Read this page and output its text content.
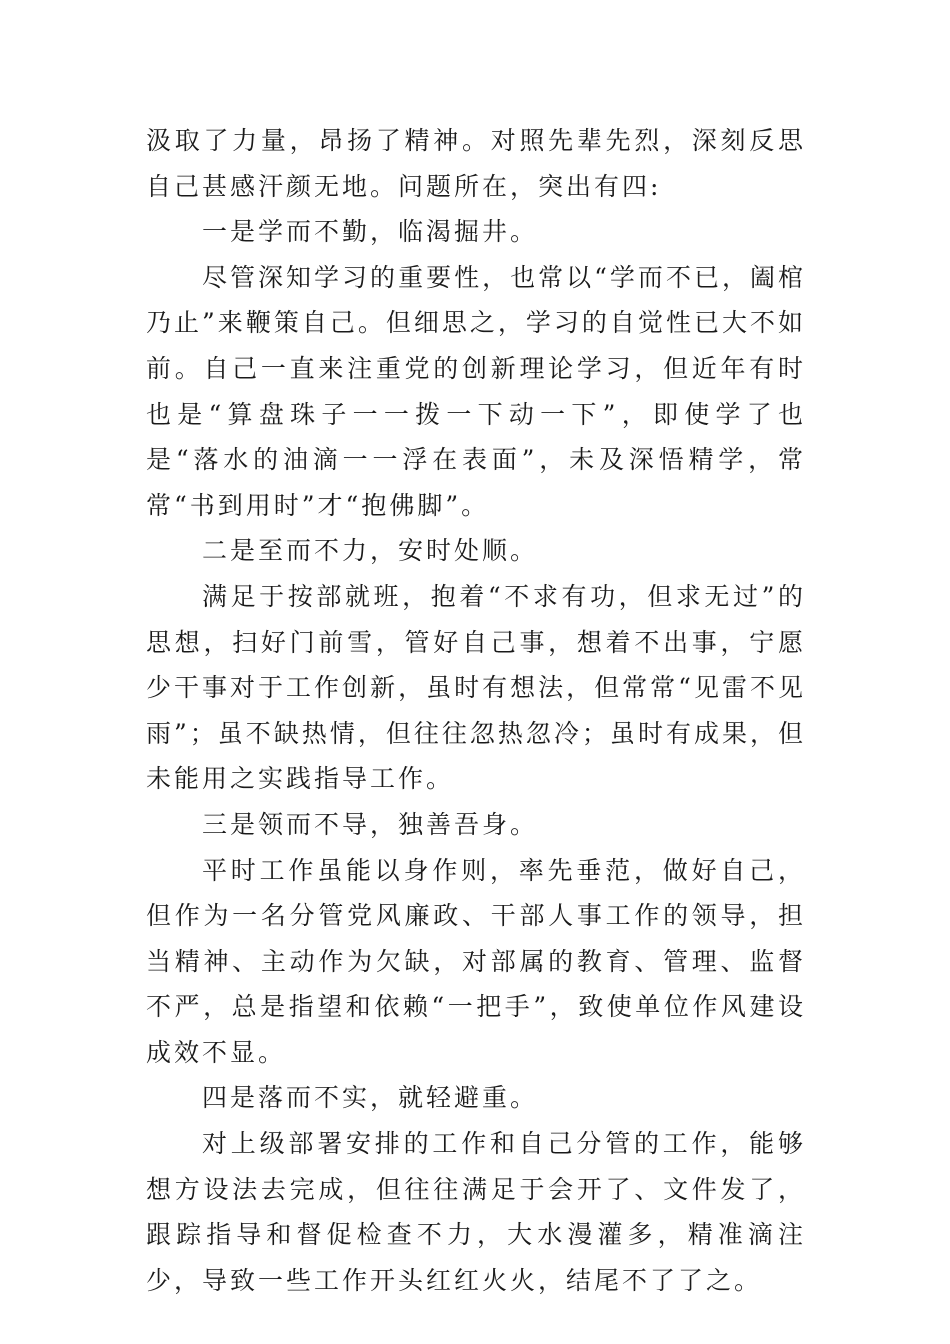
汲取了力量，昂扬了精神。对照先辈先烈，深刻反思自己甚感汗颜无地。问题所在，突出有四:

一是学而不勤，临渴掘井。

尽管深知学习的重要性，也常以“学而不已，阖棺乃止”来鞭策自己。但细思之，学习的自觉性已大不如前。自己一直来注重党的创新理论学习，但近年有时也是“算盘珠子一一拨一下动一下”，即使学了也是“落水的油滴一一浮在表面”，未及深悟精学，常常“书到用时”才“抱佛脚”。

二是至而不力，安时处顺。

满足于按部就班，抱着“不求有功，但求无过”的思想，扫好门前雪，管好自己事，想着不出事，宁愿少干事对于工作创新，虽时有想法，但常常“见雷不见雨”；虽不缺热情，但往往忽热忽冷；虽时有成果，但未能用之实践指导工作。

三是领而不导，独善吾身。

平时工作虽能以身作则，率先垂范，做好自己，但作为一名分管党风廉政、干部人事工作的领导，担当精神、主动作为欠缺，对部属的教育、管理、监督不严，总是指望和依赖“一把手”，致使单位作风建设成效不显。

四是落而不实，就轻避重。

对上级部署安排的工作和自己分管的工作，能够想方设法去完成，但往往满足于会开了、文件发了，跟踪指导和督促检查不力，大水漫灌多，精准滴注少，导致一些工作开头红红火火，结尾不了了之。
